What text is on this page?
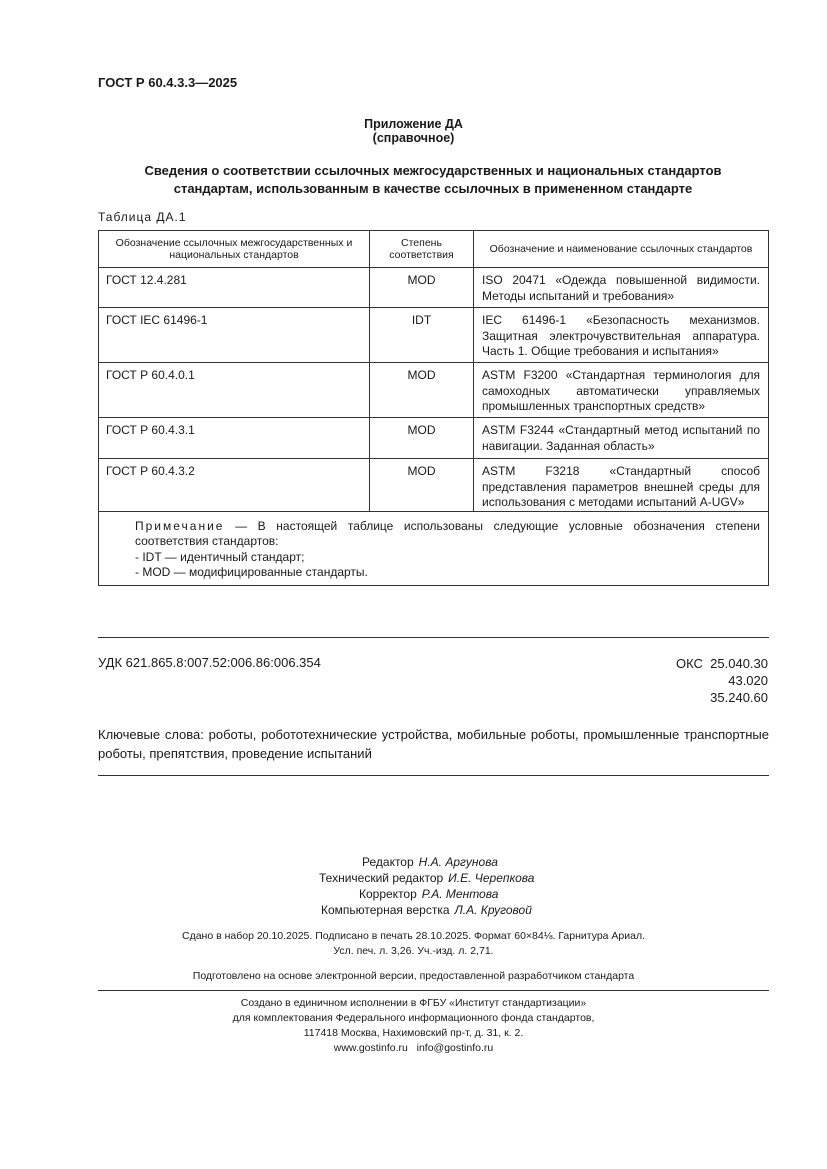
ГОСТ Р 60.4.3.3—2025
Приложение ДА
(справочное)
Сведения о соответствии ссылочных межгосударственных и национальных стандартов
стандартам, использованным в качестве ссылочных в примененном стандарте
Таблица ДА.1
Обозначение ссылочных межгосударственных и национальных стандартов	Степень соответствия	Обозначение и наименование ссылочных стандартов
ГОСТ 12.4.281	MOD	ISO 20471 «Одежда повышенной видимости. Методы испытаний и требования»
ГОСТ IEC 61496-1	IDT	IEC 61496-1 «Безопасность механизмов. Защитная электрочувствительная аппаратура. Часть 1. Общие требования и испытания»
ГОСТ Р 60.4.0.1	MOD	ASTM F3200 «Стандартная терминология для самоходных автоматически управляемых промышленных транспортных средств»
ГОСТ Р 60.4.3.1	MOD	ASTM F3244 «Стандартный метод испытаний по навигации. Заданная область»
ГОСТ Р 60.4.3.2	MOD	ASTM F3218 «Стандартный способ представления параметров внешней среды для использования с методами испытаний A-UGV»

Примечание — В настоящей таблице использованы следующие условные обозначения степени соответствия стандартов:
- IDT — идентичный стандарт;
- MOD — модифицированные стандарты.		
УДК 621.865.8:007.52:006.86:006.354	ОКС 25.040.30
43.020
35.240.60
Ключевые слова: роботы, робототехнические устройства, мобильные роботы, промышленные транспортные роботы, препятствия, проведение испытаний
Редактор Н.А. Аргунова
Технический редактор И.Е. Черепкова
Корректор Р.А. Ментова
Компьютерная верстка Л.А. Круговой
Сдано в набор 20.10.2025. Подписано в печать 28.10.2025. Формат 60×84⅛. Гарнитура Ариал.
Усл. печ. л. 3,26. Уч.-изд. л. 2,71.
Подготовлено на основе электронной версии, предоставленной разработчиком стандарта
Создано в единичном исполнении в ФГБУ «Институт стандартизации»
для комплектования Федерального информационного фонда стандартов,
117418 Москва, Нахимовский пр-т, д. 31, к. 2.
www.gostinfo.ru info@gostinfo.ru
